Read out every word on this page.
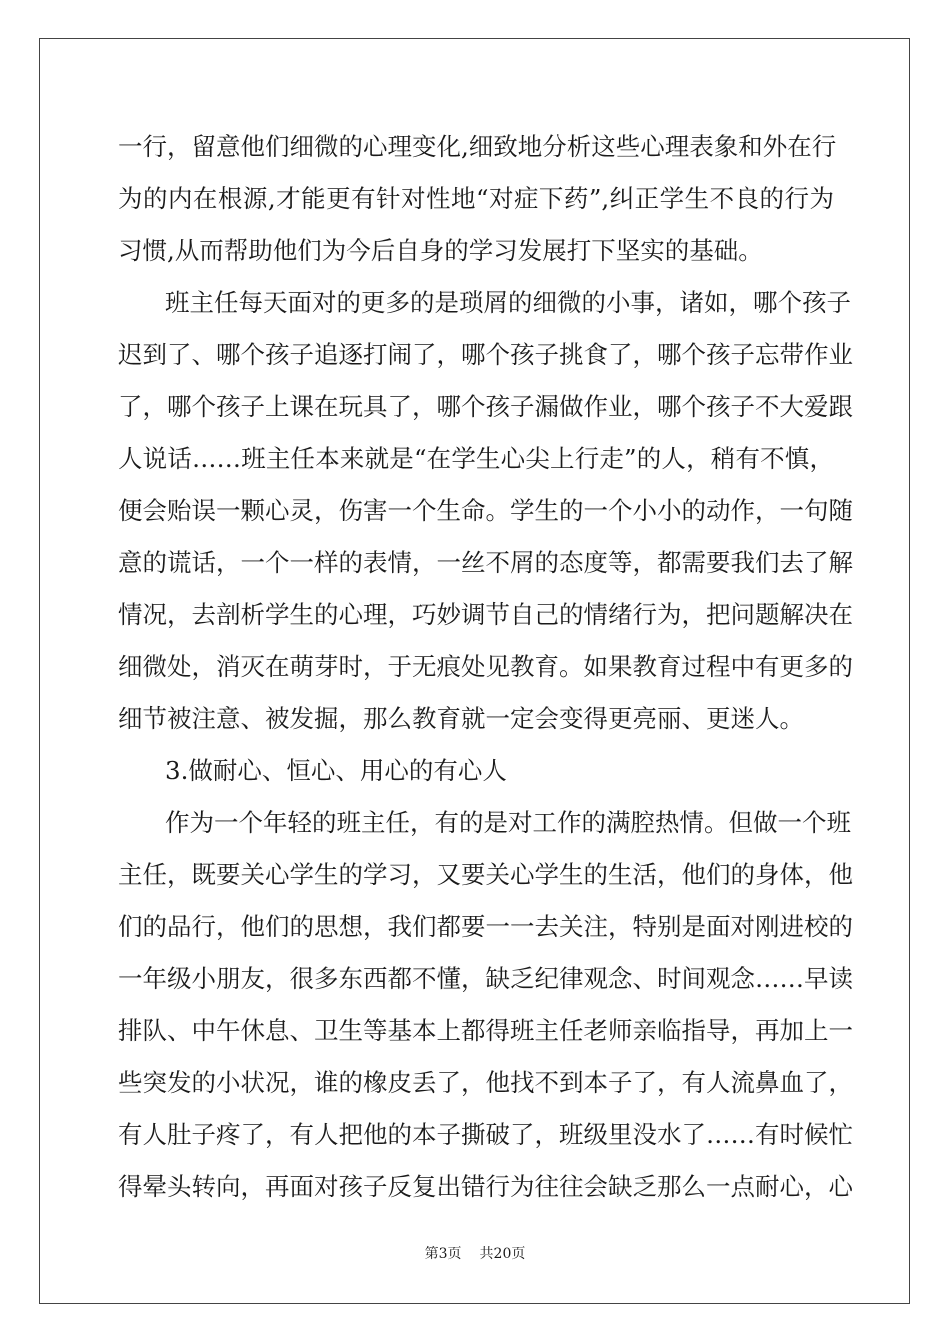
一行，留意他们细微的心理变化,细致地分析这些心理表象和外在行
为的内在根源,才能更有针对性地“对症下药”,纠正学生不良的行为
习惯,从而帮助他们为今后自身的学习发展打下坚实的基础。
班主任每天面对的更多的是琐屑的细微的小事，诸如，哪个孩子
迟到了、哪个孩子追逐打闹了，哪个孩子挑食了，哪个孩子忘带作业
了，哪个孩子上课在玩具了，哪个孩子漏做作业，哪个孩子不大爱跟
人说话……班主任本来就是“在学生心尖上行走”的人，稍有不慎，
便会贻误一颗心灵，伤害一个生命。学生的一个小小的动作，一句随
意的谎话，一个一样的表情，一丝不屑的态度等，都需要我们去了解
情况，去剖析学生的心理，巧妙调节自己的情绪行为，把问题解决在
细微处，消灭在萌芽时，于无痕处见教育。如果教育过程中有更多的
细节被注意、被发掘，那么教育就一定会变得更亮丽、更迷人。
3.做耐心、恒心、用心的有心人
作为一个年轻的班主任，有的是对工作的满腔热情。但做一个班
主任，既要关心学生的学习，又要关心学生的生活，他们的身体，他
们的品行，他们的思想，我们都要一一去关注，特别是面对刚进校的
一年级小朋友，很多东西都不懂，缺乏纪律观念、时间观念……早读
排队、中午休息、卫生等基本上都得班主任老师亲临指导，再加上一
些突发的小状况，谁的橡皮丢了，他找不到本子了，有人流鼻血了，
有人肚子疼了，有人把他的本子撕破了，班级里没水了……有时候忙
得晕头转向，再面对孩子反复出错行为往往会缺乏那么一点耐心，心
第3页 共20页
